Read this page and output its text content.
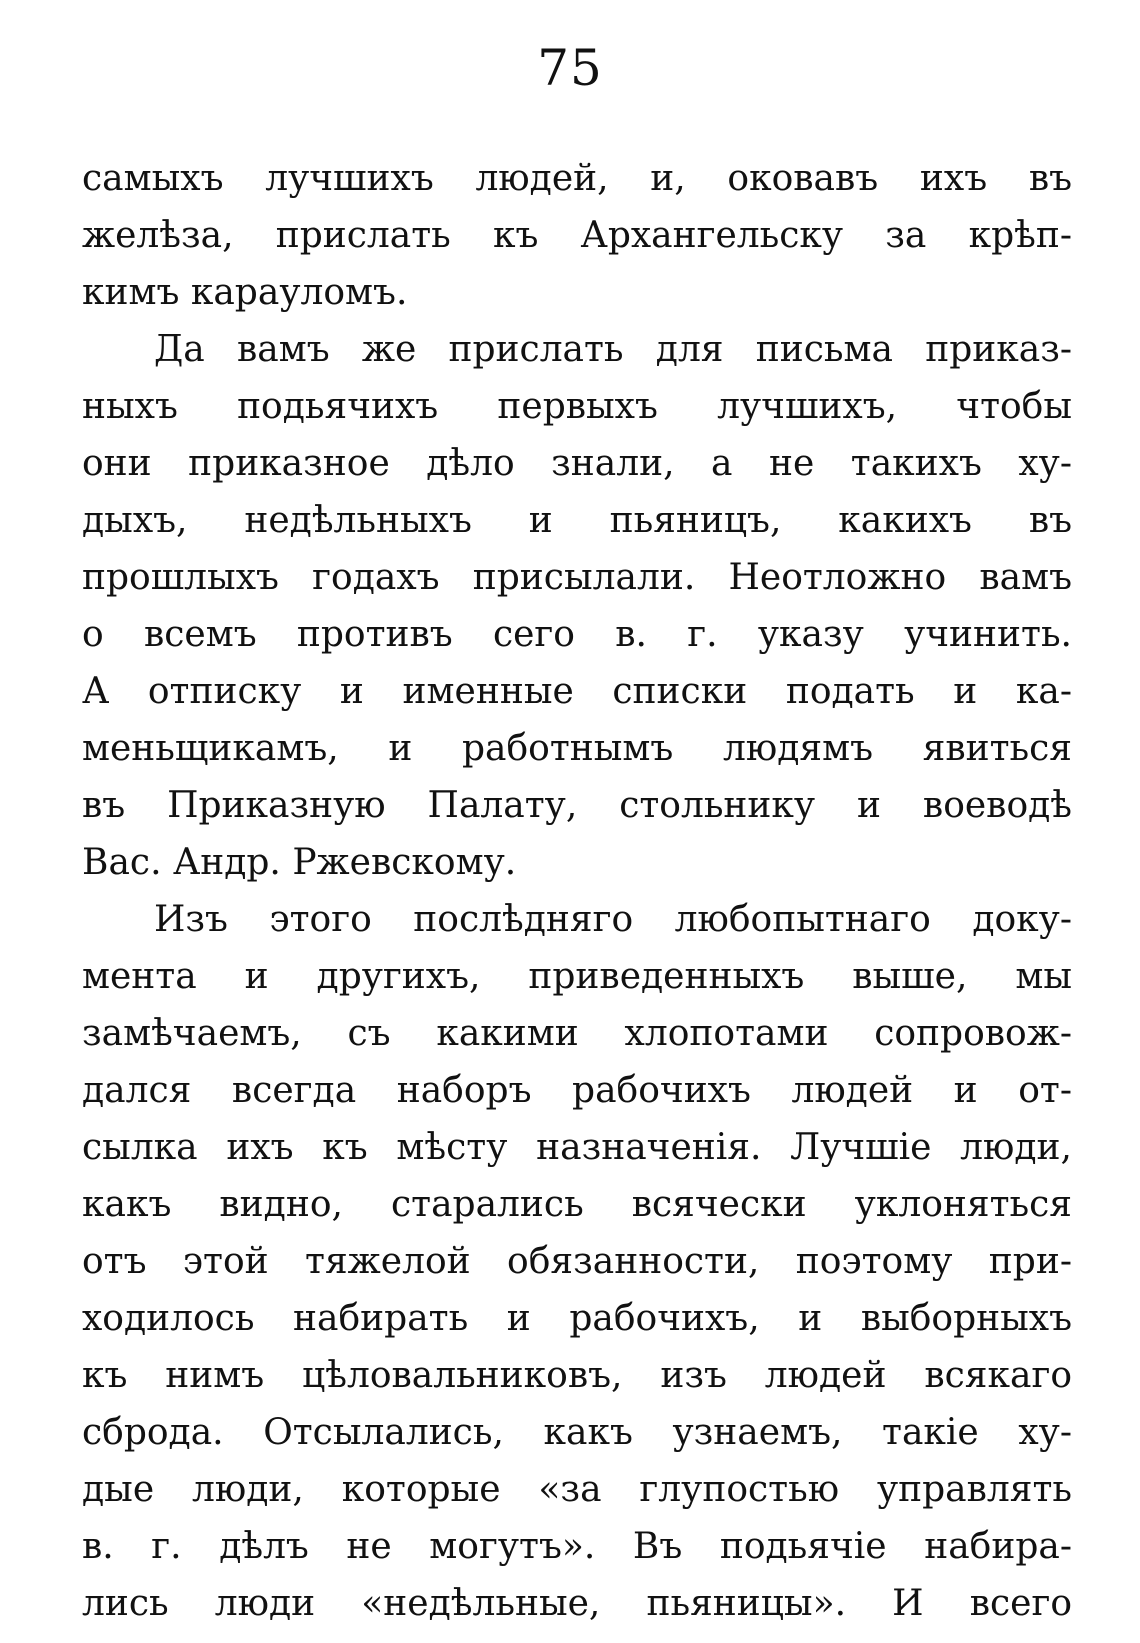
75
самыхъ лучшихъ людей, и, оковавъ ихъ въ
желѣза, прислать къ Архангельску за крѣп-
кимъ карауломъ.
Да вамъ же прислать для письма приказ-
ныхъ подьячихъ первыхъ лучшихъ, чтобы
они приказное дѣло знали, а не такихъ ху-
дыхъ, недѣльныхъ и пьяницъ, какихъ въ
прошлыхъ годахъ присылали. Неотложно вамъ
о всемъ противъ сего в. г. указу учинить.
А отписку и именные списки подать и ка-
меньщикамъ, и работнымъ людямъ явиться
въ Приказную Палату, стольнику и воеводѣ
Вас. Андр. Ржевскому.
Изъ этого послѣдняго любопытнаго доку-
мента и другихъ, приведенныхъ выше, мы
замѣчаемъ, съ какими хлопотами сопровож-
дался всегда наборъ рабочихъ людей и от-
сылка ихъ къ мѣсту назначенія. Лучшіе люди,
какъ видно, старались всячески уклоняться
отъ этой тяжелой обязанности, поэтому при-
ходилось набирать и рабочихъ, и выборныхъ
къ нимъ цѣловальниковъ, изъ людей всякаго
сброда. Отсылались, какъ узнаемъ, такіе ху-
дые люди, которые «за глупостью управлять
в. г. дѣлъ не могутъ». Въ подьячіе набира-
лись люди «недѣльные, пьяницы». И всего
